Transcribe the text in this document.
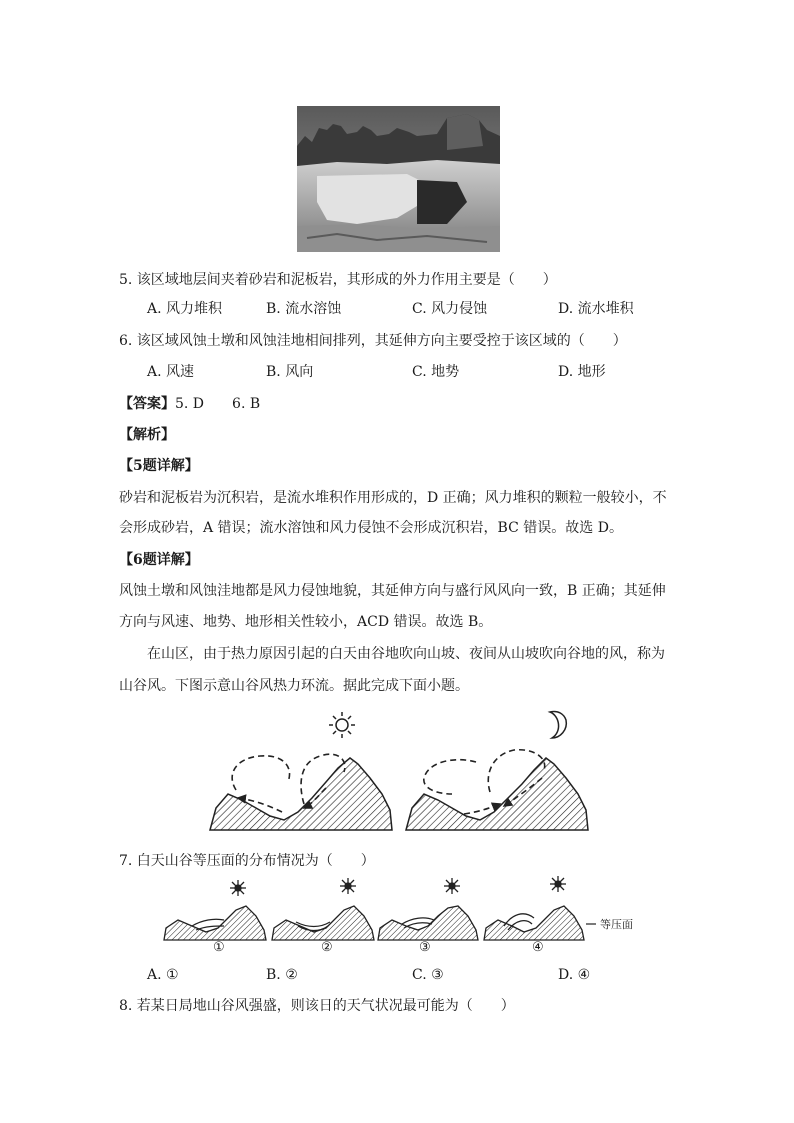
5. 该区域地层间夹着砂岩和泥板岩，其形成的外力作用主要是（　　）
A. 风力堆积	B. 流水溶蚀	C. 风力侵蚀	D. 流水堆积
6. 该区域风蚀土墩和风蚀洼地相间排列，其延伸方向主要受控于该区域的（　　）
A. 风速	B. 风向	C. 地势	D. 地形
【答案】5. D　　6. B
【解析】
【5题详解】
砂岩和泥板岩为沉积岩，是流水堆积作用形成的，D 正确；风力堆积的颗粒一般较小，不
会形成砂岩，A 错误；流水溶蚀和风力侵蚀不会形成沉积岩，BC 错误。故选 D。
【6题详解】
风蚀土墩和风蚀洼地都是风力侵蚀地貌，其延伸方向与盛行风风向一致，B 正确；其延伸
方向与风速、地势、地形相关性较小，ACD 错误。故选 B。
在山区，由于热力原因引起的白天由谷地吹向山坡、夜间从山坡吹向谷地的风，称为
山谷风。下图示意山谷风热力环流。据此完成下面小题。
7. 白天山谷等压面的分布情况为（　　）
①	②	③	④
等压面
A. ①	B. ②	C. ③	D. ④
8. 若某日局地山谷风强盛，则该日的天气状况最可能为（　　）
